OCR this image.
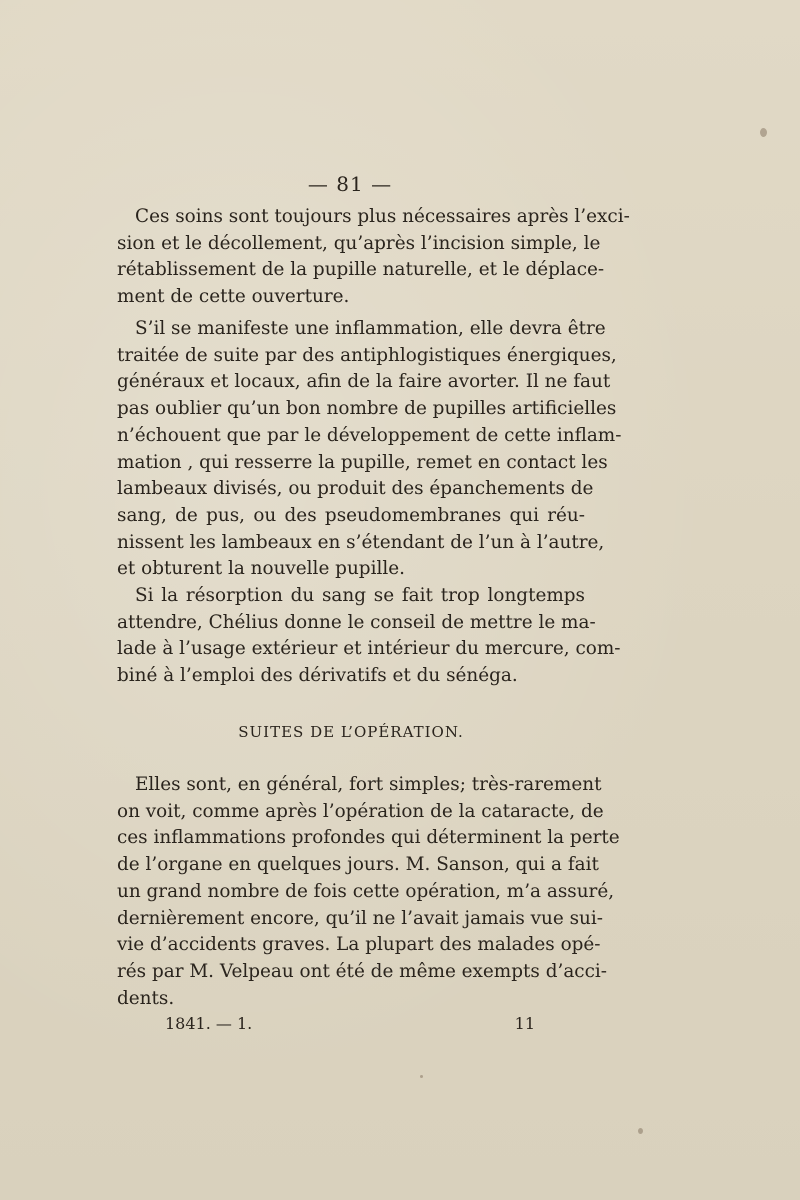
— 81 —

Ces soins sont toujours plus nécessaires après l’exci-
sion et le décollement, qu’après l’incision simple, le
rétablissement de la pupille naturelle, et le déplace-
ment de cette ouverture.

S’il se manifeste une inflammation, elle devra être
traitée de suite par des antiphlogistiques énergiques,
généraux et locaux, afin de la faire avorter. Il ne faut
pas oublier qu’un bon nombre de pupilles artificielles
n’échouent que par le développement de cette inflam-
mation , qui resserre la pupille, remet en contact les
lambeaux divisés, ou produit des épanchements de
sang, de pus, ou des pseudomembranes qui réu-
nissent les lambeaux en s’étendant de l’un à l’autre,
et obturent la nouvelle pupille.

Si la résorption du sang se fait trop longtemps
attendre, Chélius donne le conseil de mettre le ma-
lade à l’usage extérieur et intérieur du mercure, com-
biné à l’emploi des dérivatifs et du sénéga.

SUITES DE L’OPÉRATION.

Elles sont, en général, fort simples; très-rarement
on voit, comme après l’opération de la cataracte, de
ces inflammations profondes qui déterminent la perte
de l’organe en quelques jours. M. Sanson, qui a fait
un grand nombre de fois cette opération, m’a assuré,
dernièrement encore, qu’il ne l’avait jamais vue sui-
vie d’accidents graves. La plupart des malades opé-
rés par M. Velpeau ont été de même exempts d’acci-
dents.

1841. — 1.	11
